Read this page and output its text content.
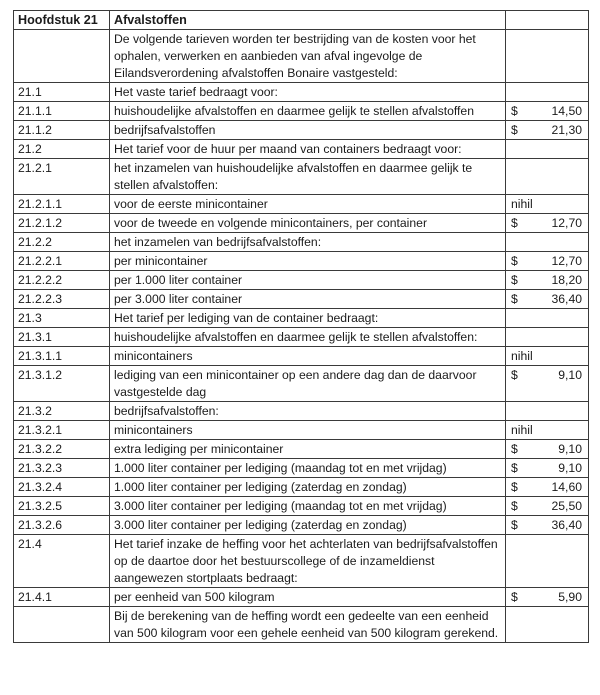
Hoofdstuk 21	Afvalstoffen	
	De volgende tarieven worden ter bestrijding van de kosten voor het ophalen, verwerken en aanbieden van afval ingevolge de Eilandsverordening afvalstoffen Bonaire vastgesteld:	
21.1	Het vaste tarief bedraagt voor:	
21.1.1	huishoudelijke afvalstoffen en daarmee gelijk te stellen afvalstoffen	$ 14,50

21.1.2	bedrijfsafvalstoffen	$ 21,30

21.2	Het tarief voor de huur per maand van containers bedraagt voor:	
21.2.1	het inzamelen van huishoudelijke afvalstoffen en daarmee gelijk te stellen afvalstoffen:	
21.2.1.1	voor de eerste minicontainer	nihil
21.2.1.2	voor de tweede en volgende minicontainers, per container	$ 12,70

21.2.2	het inzamelen van bedrijfsafvalstoffen:	
21.2.2.1	per minicontainer	$ 12,70

21.2.2.2	per 1.000 liter container	$ 18,20

21.2.2.3	per 3.000 liter container	$ 36,40

21.3	Het tarief per lediging van de container bedraagt:	
21.3.1	huishoudelijke afvalstoffen en daarmee gelijk te stellen afvalstoffen:	
21.3.1.1	minicontainers	nihil
21.3.1.2	lediging van een minicontainer op een andere dag dan de daarvoor vastgestelde dag	$ 9,10

21.3.2	bedrijfsafvalstoffen:	
21.3.2.1	minicontainers	nihil
21.3.2.2	extra lediging per minicontainer	$ 9,10

21.3.2.3	1.000 liter container per lediging (maandag tot en met vrijdag)	$ 9,10

21.3.2.4	1.000 liter container per lediging (zaterdag en zondag)	$ 14,60

21.3.2.5	3.000 liter container per lediging (maandag tot en met vrijdag)	$ 25,50

21.3.2.6	3.000 liter container per lediging (zaterdag en zondag)	$ 36,40

21.4	Het tarief inzake de heffing voor het achterlaten van bedrijfsafvalstoffen op de daartoe door het bestuurscollege of de inzameldienst aangewezen stortplaats bedraagt:	
21.4.1	per eenheid van 500 kilogram	$ 5,90

	Bij de berekening van de heffing wordt een gedeelte van een eenheid van 500 kilogram voor een gehele eenheid van 500 kilogram gerekend.	
